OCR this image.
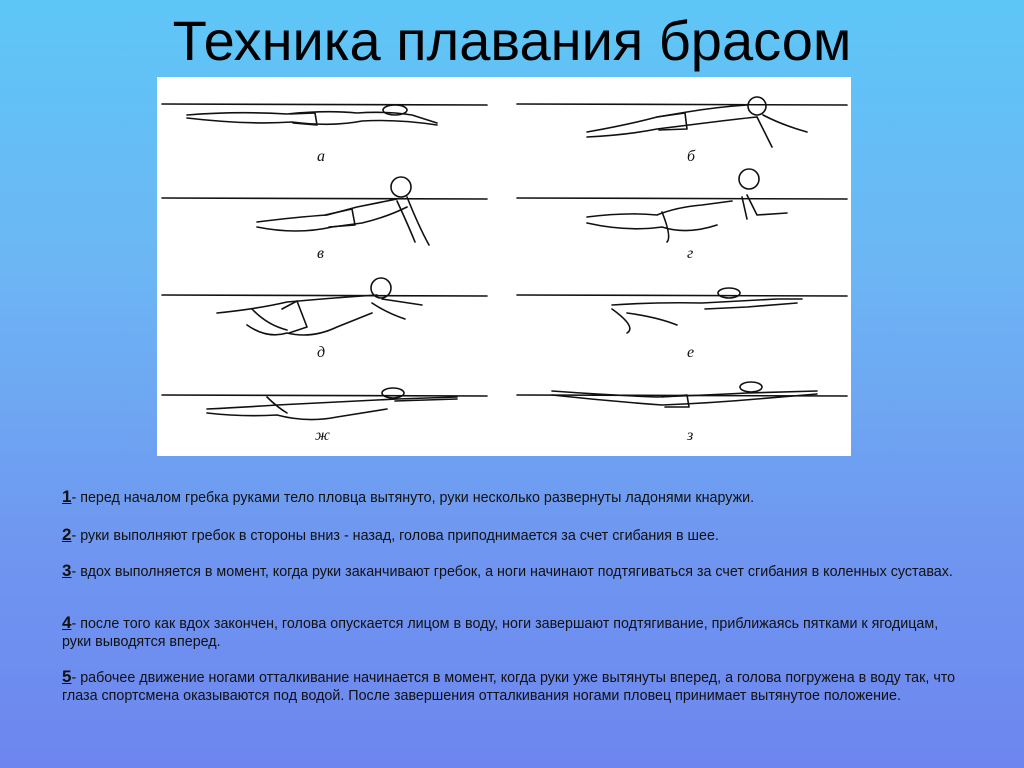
Техника плавания брасом
а	б
в	г
д	е
ж	з
1- перед началом гребка руками тело пловца вытянуто, руки несколько развернуты ладонями кнаружи.
2- руки выполняют гребок в стороны вниз - назад, голова приподнимается за счет сгибания в шее.
3- вдох выполняется в момент, когда руки заканчивают гребок, а ноги начинают подтягиваться за счет сгибания в коленных суставах.
4- после того как вдох закончен, голова опускается лицом в воду, ноги завершают подтягивание, приближаясь пятками к ягодицам, руки выводятся вперед.
5- рабочее движение ногами отталкивание начинается в момент, когда руки уже вытянуты вперед, а голова погружена в воду так, что глаза спортсмена оказываются под водой. После завершения отталкивания ногами пловец принимает вытянутое положение.
